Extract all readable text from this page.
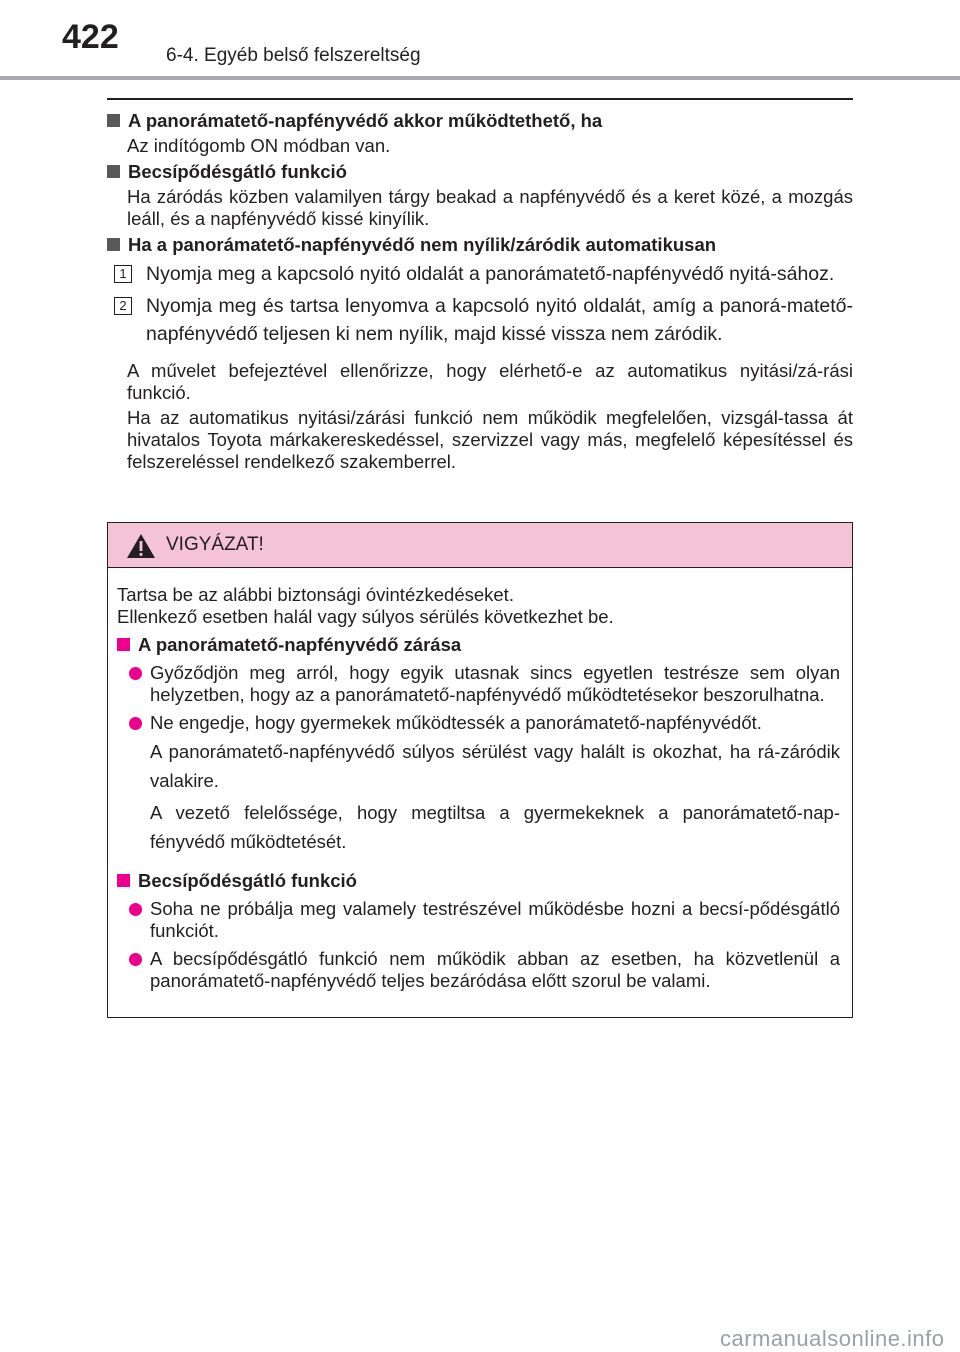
422 6-4. Egyéb belső felszereltség
A panorámatető-napfényvédő akkor működtethető, ha
Az indítógomb ON módban van.
Becsípődésgátló funkció
Ha záródás közben valamilyen tárgy beakad a napfényvédő és a keret közé, a mozgás leáll, és a napfényvédő kissé kinyílik.
Ha a panorámatető-napfényvédő nem nyílik/záródik automatikusan
1 Nyomja meg a kapcsoló nyitó oldalát a panorámatető-napfényvédő nyitá-sához.
2 Nyomja meg és tartsa lenyomva a kapcsoló nyitó oldalát, amíg a panorá-matető-napfényvédő teljesen ki nem nyílik, majd kissé vissza nem záródik.
A művelet befejeztével ellenőrizze, hogy elérhető-e az automatikus nyitási/zá-rási funkció.
Ha az automatikus nyitási/zárási funkció nem működik megfelelően, vizsgál-tassa át hivatalos Toyota márkakereskedéssel, szervizzel vagy más, megfelelő képesítéssel és felszereléssel rendelkező szakemberrel.
VIGYÁZAT!
Tartsa be az alábbi biztonsági óvintézkedéseket.
Ellenkező esetben halál vagy súlyos sérülés következhet be.
A panorámatető-napfényvédő zárása
Győződjön meg arról, hogy egyik utasnak sincs egyetlen testrésze sem olyan helyzetben, hogy az a panorámatető-napfényvédő működtetésekor beszorulhatna.
Ne engedje, hogy gyermekek működtessék a panorámatető-napfényvédőt.
A panorámatető-napfényvédő súlyos sérülést vagy halált is okozhat, ha rá-záródik valakire.
A vezető felelőssége, hogy megtiltsa a gyermekeknek a panorámatető-nap-fényvédő működtetését.
Becsípődésgátló funkció
Soha ne próbálja meg valamely testrészével működésbe hozni a becsí-pődésgátló funkciót.
A becsípődésgátló funkció nem működik abban az esetben, ha közvetlenül a panorámatető-napfényvédő teljes bezáródása előtt szorul be valami.
carmanualsonline.info
